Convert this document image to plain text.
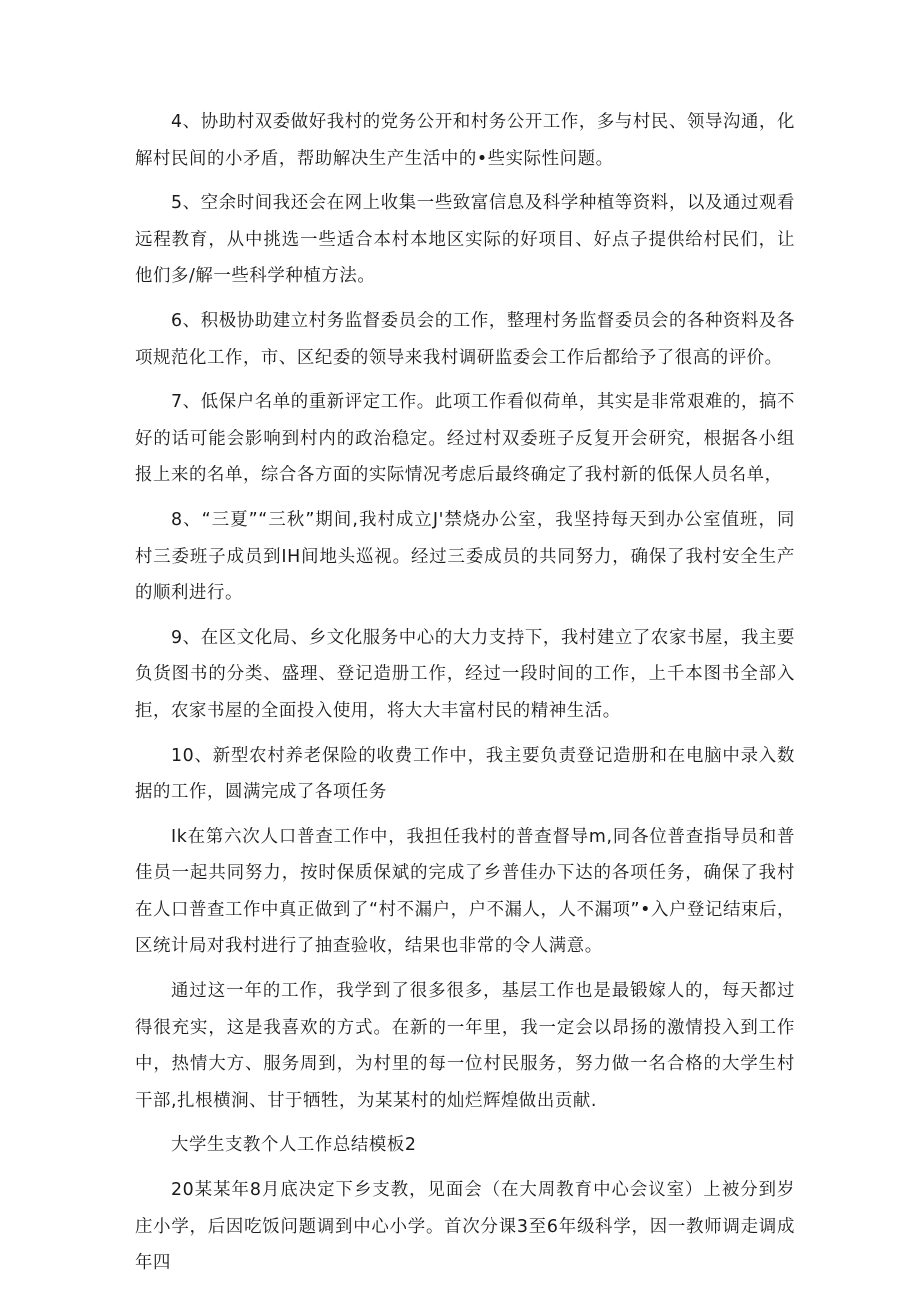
4、协助村双委做好我村的党务公开和村务公开工作，多与村民、领导沟通，化解村民间的小矛盾，帮助解决生产生活中的•些实际性问题。

5、空余时间我还会在网上收集一些致富信息及科学种植等资料，以及通过观看远程教育，从中挑选一些适合本村本地区实际的好项目、好点子提供给村民们，让他们多/解一些科学种植方法。

6、积极协助建立村务监督委员会的工作，整理村务监督委员会的各种资料及各项规范化工作，市、区纪委的领导来我村调研监委会工作后都给予了很高的评价。

7、低保户名单的重新评定工作。此项工作看似荷单，其实是非常艰难的，搞不好的话可能会影响到村内的政治稳定。经过村双委班子反复开会研究，根据各小组报上来的名单，综合各方面的实际情况考虑后最终确定了我村新的低保人员名单，

8、“三夏”“三秋”期间,我村成立J'禁烧办公室，我坚持每天到办公室值班，同村三委班子成员到IH间地头巡视。经过三委成员的共同努力，确保了我村安全生产的顺利进行。

9、在区文化局、乡文化服务中心的大力支持下，我村建立了农家书屋，我主要负货图书的分类、盛理、登记造册工作，经过一段时间的工作，上千本图书全部入拒，农家书屋的全面投入使用，将大大丰富村民的精神生活。

10、新型农村养老保险的收费工作中，我主要负责登记造册和在电脑中录入数据的工作，圆满完成了各项任务

Ik在第六次人口普查工作中，我担任我村的普查督导m,同各位普查指导员和普佳员一起共同努力，按时保质保斌的完成了乡普佳办下达的各项任务，确保了我村在人口普查工作中真正做到了“村不漏户，户不漏人，人不漏项”•入户登记结束后，区统计局对我村进行了抽查验收，结果也非常的令人满意。

通过这一年的工作，我学到了很多很多，基层工作也是最锻嫁人的，每天都过得很充实，这是我喜欢的方式。在新的一年里，我一定会以昂扬的激情投入到工作中，热情大方、服务周到，为村里的每一位村民服务，努力做一名合格的大学生村干部,扎根横涧、甘于牺牲，为某某村的灿烂辉煌做出贡献.

大学生支教个人工作总结模板2

20某某年8月底决定下乡支教，见面会（在大周教育中心会议室）上被分到岁庄小学，后因吃饭问题调到中心小学。首次分课3至6年级科学，因一教师调走调成年四
